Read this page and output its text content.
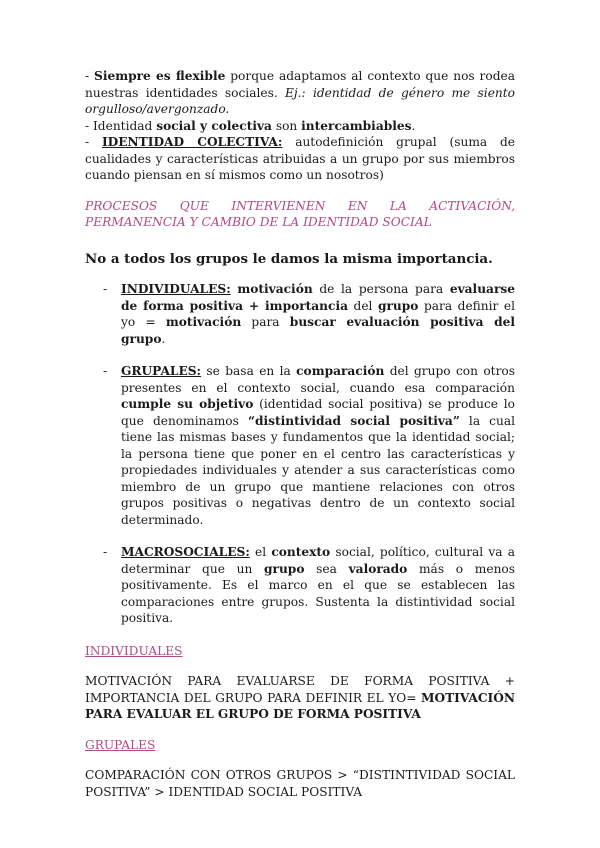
- Siempre es flexible porque adaptamos al contexto que nos rodea nuestras identidades sociales. Ej.: identidad de género me siento orgulloso/avergonzado.

- Identidad social y colectiva son intercambiables.

- IDENTIDAD COLECTIVA: autodefinición grupal (suma de cualidades y características atribuidas a un grupo por sus miembros cuando piensan en sí mismos como un nosotros)

PROCESOS QUE INTERVIENEN EN LA ACTIVACIÓN, PERMANENCIA Y CAMBIO DE LA IDENTIDAD SOCIAL

No a todos los grupos le damos la misma importancia.

- INDIVIDUALES: motivación de la persona para evaluarse de forma positiva + importancia del grupo para definir el yo = motivación para buscar evaluación positiva del grupo.
- GRUPALES: se basa en la comparación del grupo con otros presentes en el contexto social, cuando esa comparación cumple su objetivo (identidad social positiva) se produce lo que denominamos “distintividad social positiva” la cual tiene las mismas bases y fundamentos que la identidad social; la persona tiene que poner en el centro las características y propiedades individuales y atender a sus características como miembro de un grupo que mantiene relaciones con otros grupos positivas o negativas dentro de un contexto social determinado.
- MACROSOCIALES: el contexto social, político, cultural va a determinar que un grupo sea valorado más o menos positivamente. Es el marco en el que se establecen las comparaciones entre grupos. Sustenta la distintividad social positiva.

INDIVIDUALES

MOTIVACIÓN PARA EVALUARSE DE FORMA POSITIVA + IMPORTANCIA DEL GRUPO PARA DEFINIR EL YO= MOTIVACIÓN PARA EVALUAR EL GRUPO DE FORMA POSITIVA

GRUPALES

COMPARACIÓN CON OTROS GRUPOS > “DISTINTIVIDAD SOCIAL POSITIVA” > IDENTIDAD SOCIAL POSITIVA
